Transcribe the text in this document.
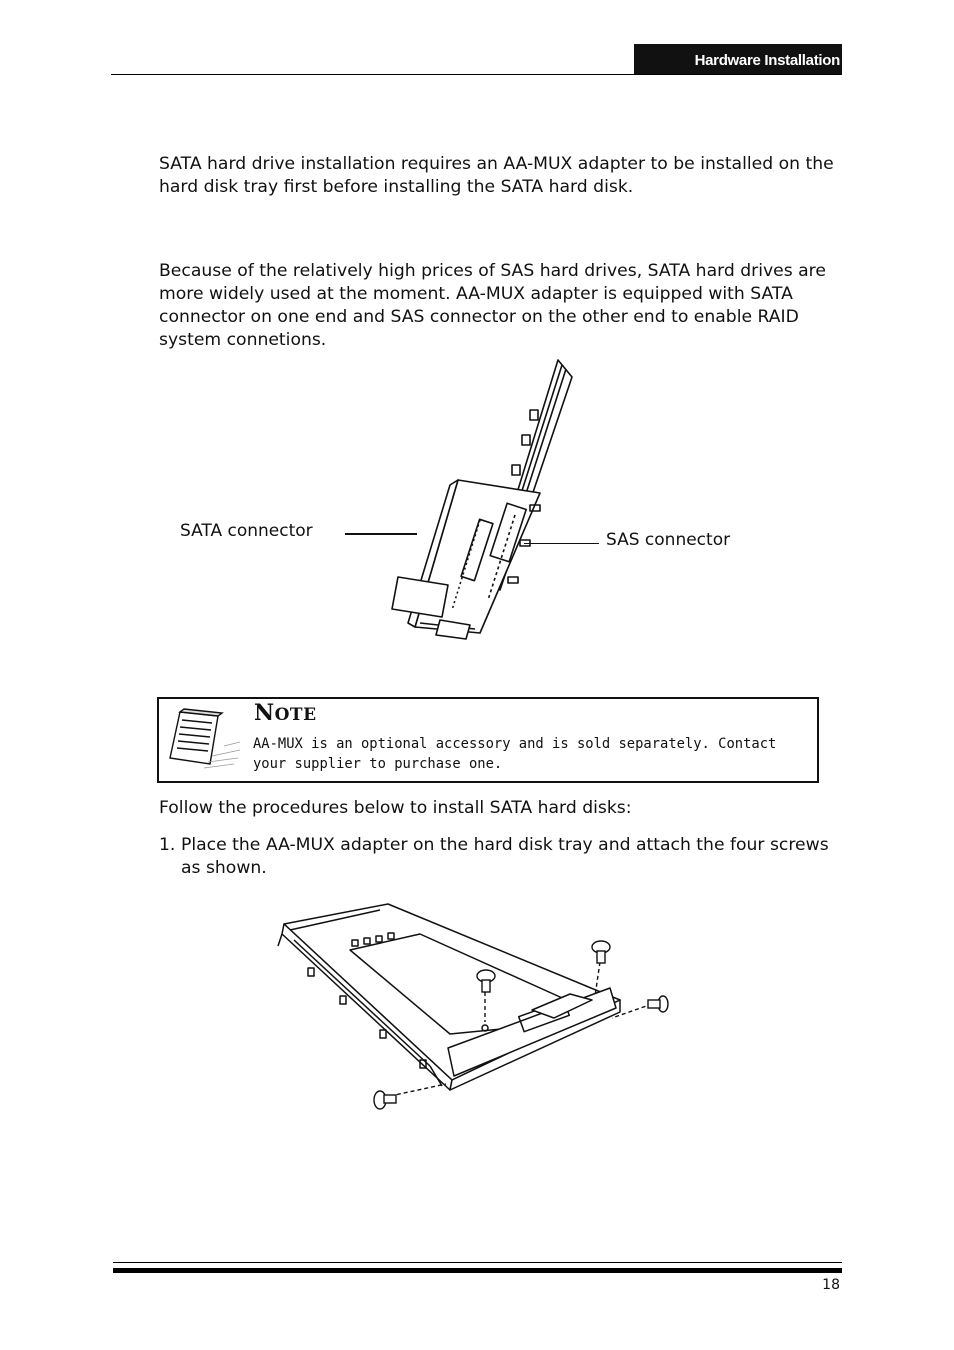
Hardware Installation
SATA hard drive installation requires an AA-MUX adapter to be installed on the hard disk tray first before installing the SATA hard disk.
Because of the relatively high prices of SAS hard drives, SATA hard drives are more widely used at the moment. AA-MUX adapter is equipped with SATA connector on one end and SAS connector on the other end to enable RAID system connetions.
SATA connector	SAS connector
NOTE
AA-MUX is an optional accessory and is sold separately. Contact your supplier to purchase one.
Follow the procedures below to install SATA hard disks:
1. Place the AA-MUX adapter on the hard disk tray and attach the four screws as shown.
18
